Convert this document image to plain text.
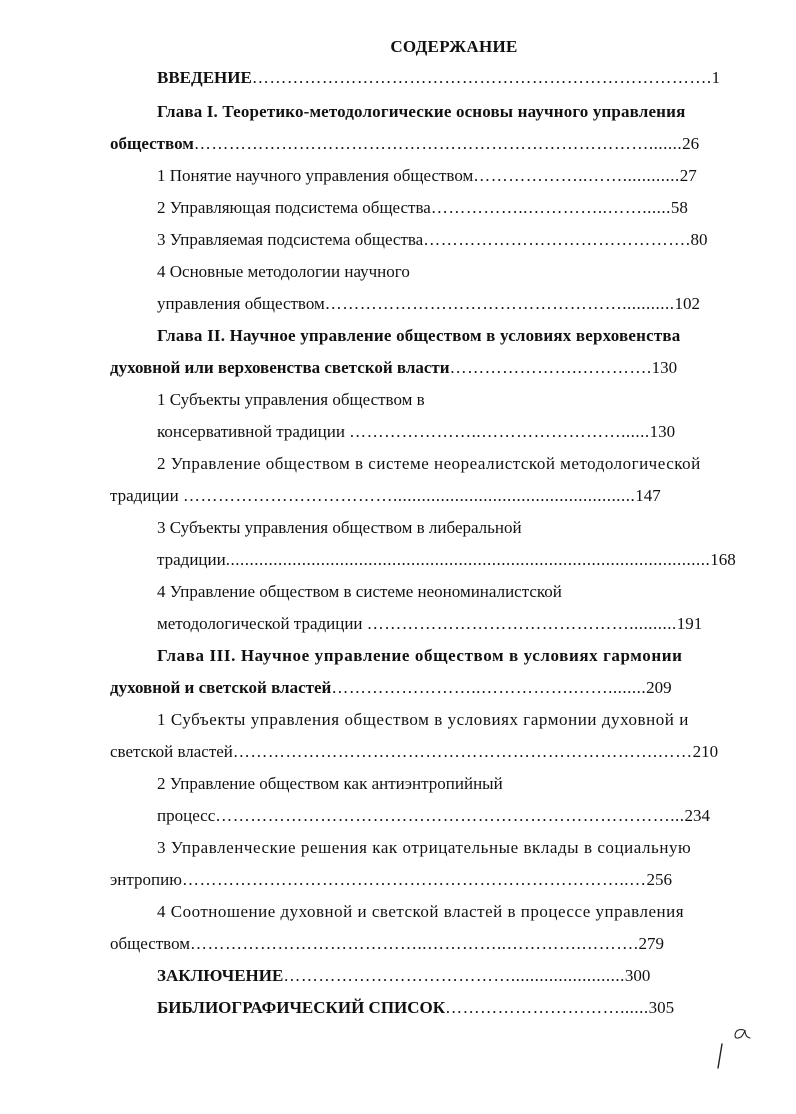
СОДЕРЖАНИЕ
ВВЕДЕНИЕ…………………………………………………………………….1
Глава I. Теоретико-методологические основы научного управления
обществом…………………………………………………………………….......26
1 Понятие научного управления обществом………………..……............27
2 Управляющая подсистема общества……………..…………..……......58
3 Управляемая подсистема общества……………………………………….80
4 Основные методологии научного
управления обществом……………………………………………...........102
Глава II. Научное управление обществом в условиях верховенства
духовной или верховенства светской власти………………….………….130
1 Субъекты управления обществом в
консервативной традиции …………………..……………………......130
2 Управление обществом в системе неореалистской методологической
традиции ………………………………...................................................147
3 Субъекты управления обществом в либеральной
традиции......................................................................................................168
4 Управление обществом в системе неономиналистской
методологической традиции ………………………………………..........191
Глава III. Научное управление обществом в условиях гармонии
духовной и светской властей……………………..…………….……........209
1 Субъекты управления обществом в условиях гармонии духовной и
светской властей……………………………………………………………….……210
2 Управление обществом как антиэнтропийный
процесс……………………………………………………………………...234
3 Управленческие решения как отрицательные вклады в социальную
энтропию…………………………………………………………………..…256
4 Соотношение духовной и светской властей в процессе управления
обществом…………………………………..…………..………….……….279
ЗАКЛЮЧЕНИЕ…………………………………........................300
БИБЛИОГРАФИЧЕСКИЙ СПИСОК…………………………......305
